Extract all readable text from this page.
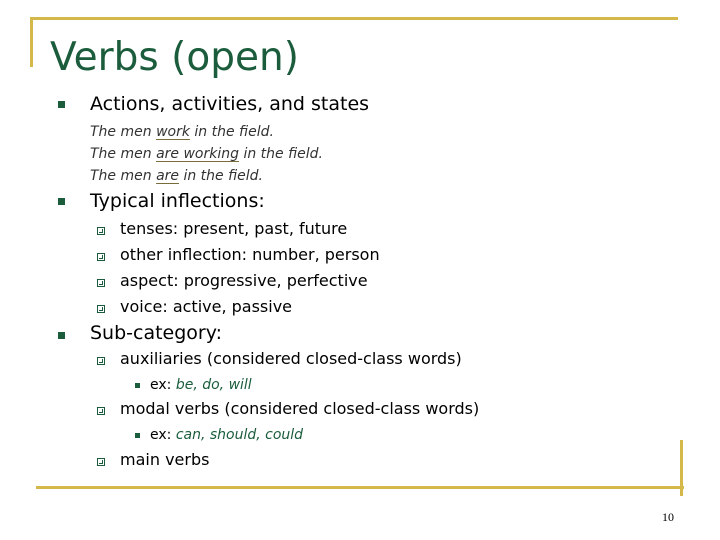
Verbs (open)
Actions, activities, and states
The men work in the field.
The men are working in the field.
The men are in the field.
Typical inflections:
tenses: present, past, future
other inflection: number, person
aspect: progressive, perfective
voice: active, passive
Sub-category:
auxiliaries (considered closed-class words)
ex: be, do, will
modal verbs (considered closed-class words)
ex: can, should, could
main verbs
10
